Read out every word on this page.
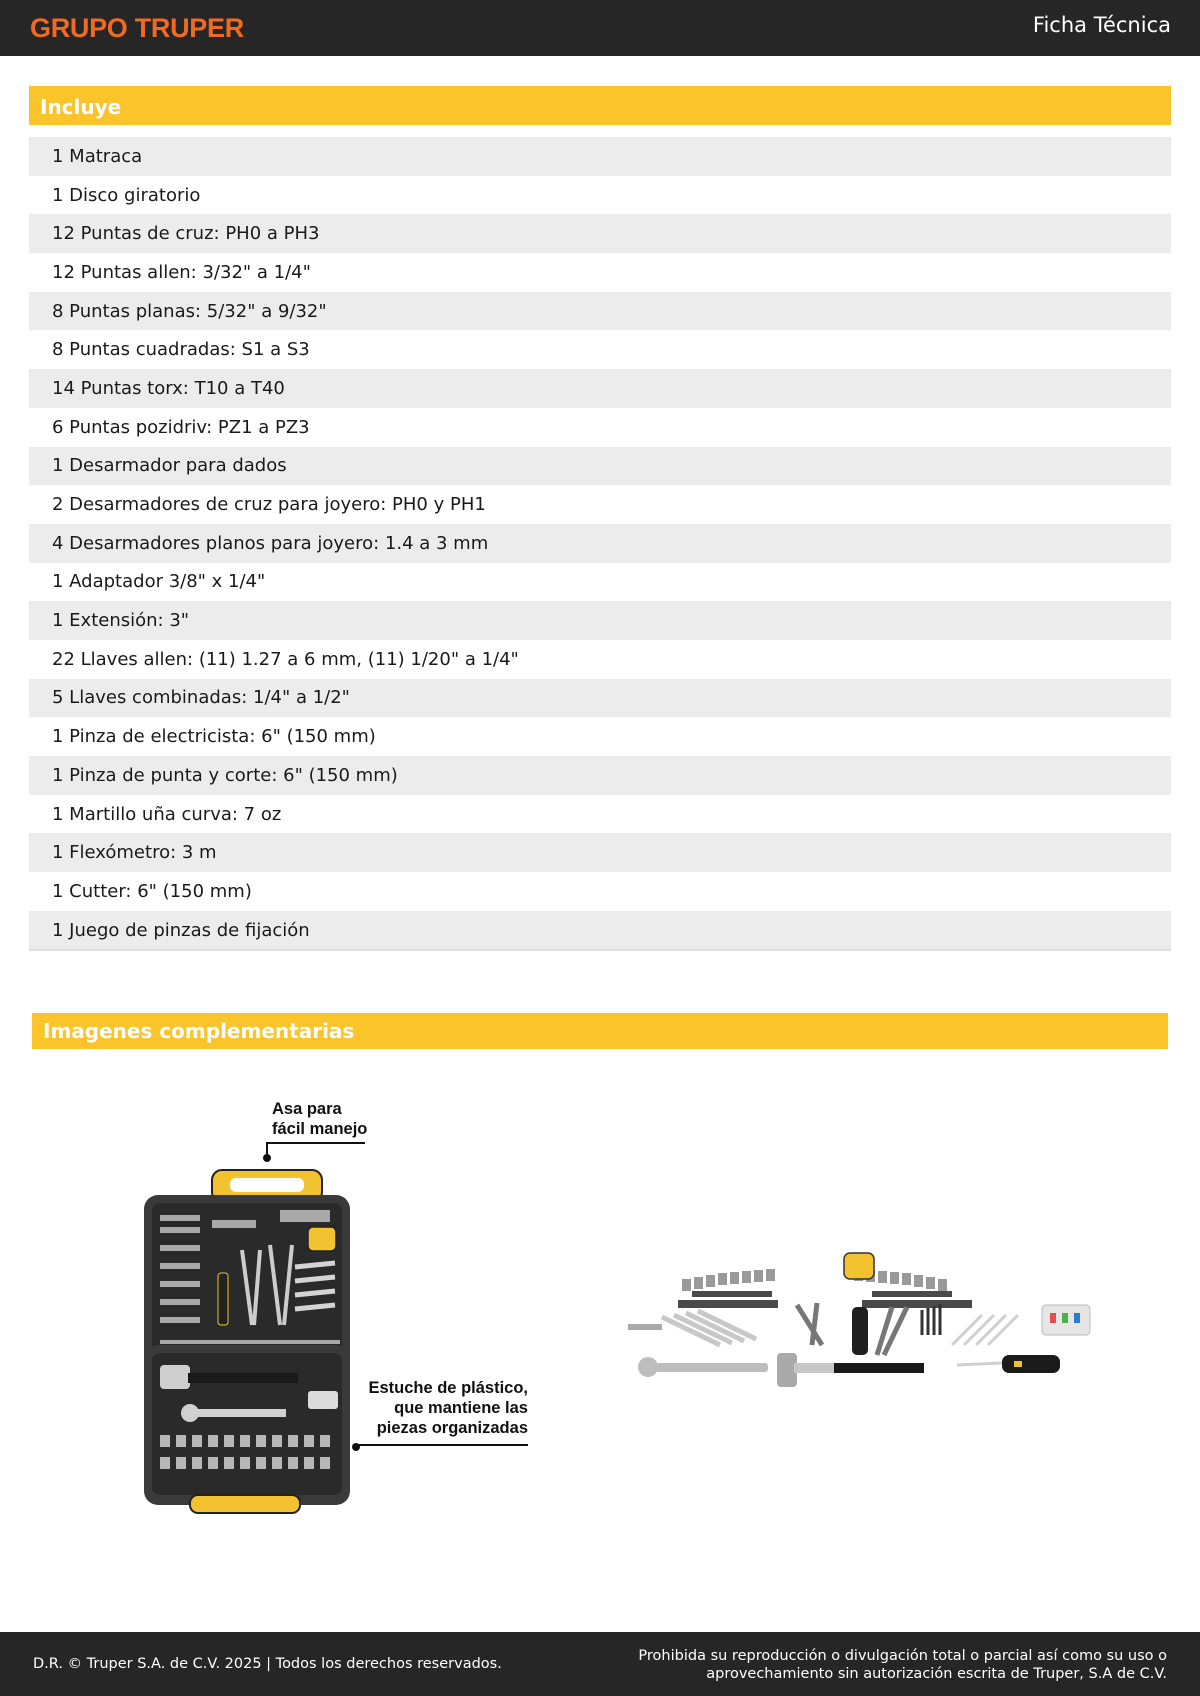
GRUPO TRUPER	Ficha Técnica
Incluye
1 Matraca
1 Disco giratorio
12 Puntas de cruz: PH0 a PH3
12 Puntas allen: 3/32" a 1/4"
8 Puntas planas: 5/32" a 9/32"
8 Puntas cuadradas: S1 a S3
14 Puntas torx: T10 a T40
6 Puntas pozidriv: PZ1 a PZ3
1 Desarmador para dados
2 Desarmadores de cruz para joyero: PH0 y PH1
4 Desarmadores planos para joyero: 1.4 a 3 mm
1 Adaptador 3/8" x 1/4"
1 Extensión: 3"
22 Llaves allen: (11) 1.27 a 6 mm, (11) 1/20" a 1/4"
5 Llaves combinadas: 1/4" a 1/2"
1 Pinza de electricista: 6" (150 mm)
1 Pinza de punta y corte: 6" (150 mm)
1 Martillo uña curva: 7 oz
1 Flexómetro: 3 m
1 Cutter: 6" (150 mm)
1 Juego de pinzas de fijación
Imagenes complementarias
Asa para
fácil manejo
Estuche de plástico,
que mantiene las
piezas organizadas
D.R. © Truper S.A. de C.V. 2025 | Todos los derechos reservados.	Prohibida su reproducción o divulgación total o parcial así como su uso o
aprovechamiento sin autorización escrita de Truper, S.A de C.V.
